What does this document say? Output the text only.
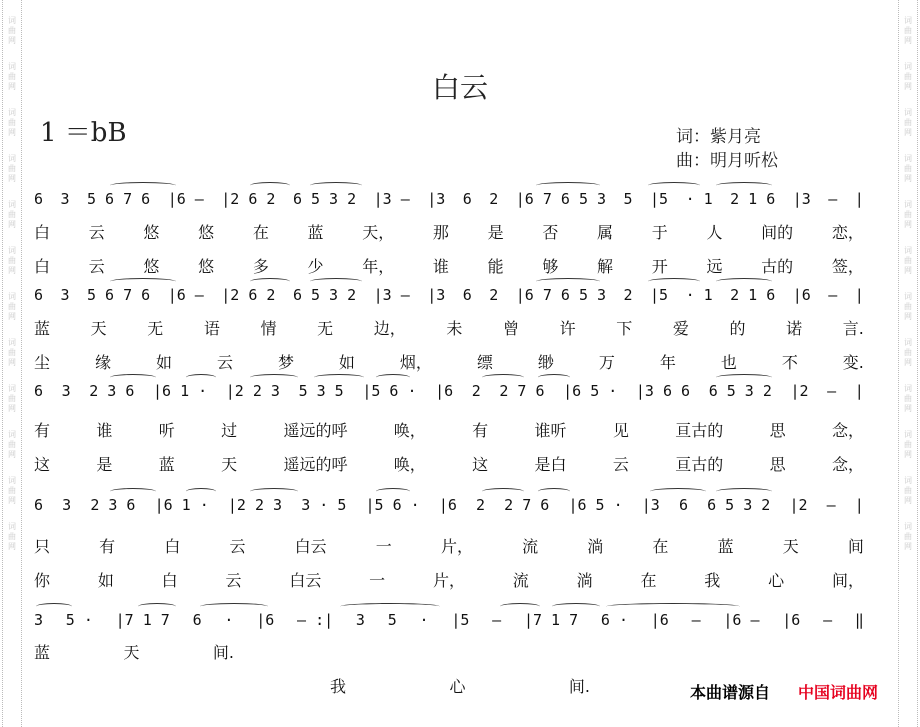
词曲网
词曲网
词曲网
词曲网
词曲网
词曲网
词曲网
词曲网
词曲网
词曲网
词曲网
词曲网
词曲网
词曲网
词曲网
词曲网
词曲网
词曲网
词曲网
词曲网
词曲网
词曲网
词曲网
词曲网
白云
1 ＝bB	词：紫月亮
曲：明月听松
6 3 5 6 7 6 |6 – |2 6 2 6 5 3 2 |3 – |3 6 2 |6 7 6 5 3 5 |5 · 1 2 1 6 |3 – |
白 云 悠 悠 在 蓝 天， 那 是 否 属 于 人 间的 恋，
白 云 悠 悠 多 少 年， 谁 能 够 解 开 远 古的 签，
6 3 5 6 7 6 |6 – |2 6 2 6 5 3 2 |3 – |3 6 2 |6 7 6 5 3 2 |5 · 1 2 1 6 |6 – |
蓝	天	无	语	情	无	边，	未	曾	许	下	爱	的	诺	言.
尘	缘	如	云	梦	如	烟，	缥	缈	万	年	也	不	变.
6 3 2 3 6 |6 1 · |2 2 3 5 3 5 |5 6 · |6 2 2 7 6 |6 5 · |3 6 6 6 5 3 2 |2 – |
有	谁	听	过	遥远的呼	唤，	有	谁听	见	亘古的	思	念，
这	是	蓝	天	遥远的呼	唤，	这	是白	云	亘古的	思	念，
6 3 2 3 6 |6 1 · |2 2 3 3 · 5 |5 6 · |6 2 2 7 6 |6 5 · |3 6 6 5 3 2 |2 – |
只	有	白	云	白云	一	片，	流	淌	在	蓝	天	间
你	如	白	云	白云	一	片，	流	淌	在	我	心	间，
3 5 · |7 1 7 6 · |6 – :| 3 5 · |5 – |7 1 7 6 · |6 – |6 – |6 – ‖
蓝	天	间.
我	心	间.	本曲谱源自 中国词曲网
